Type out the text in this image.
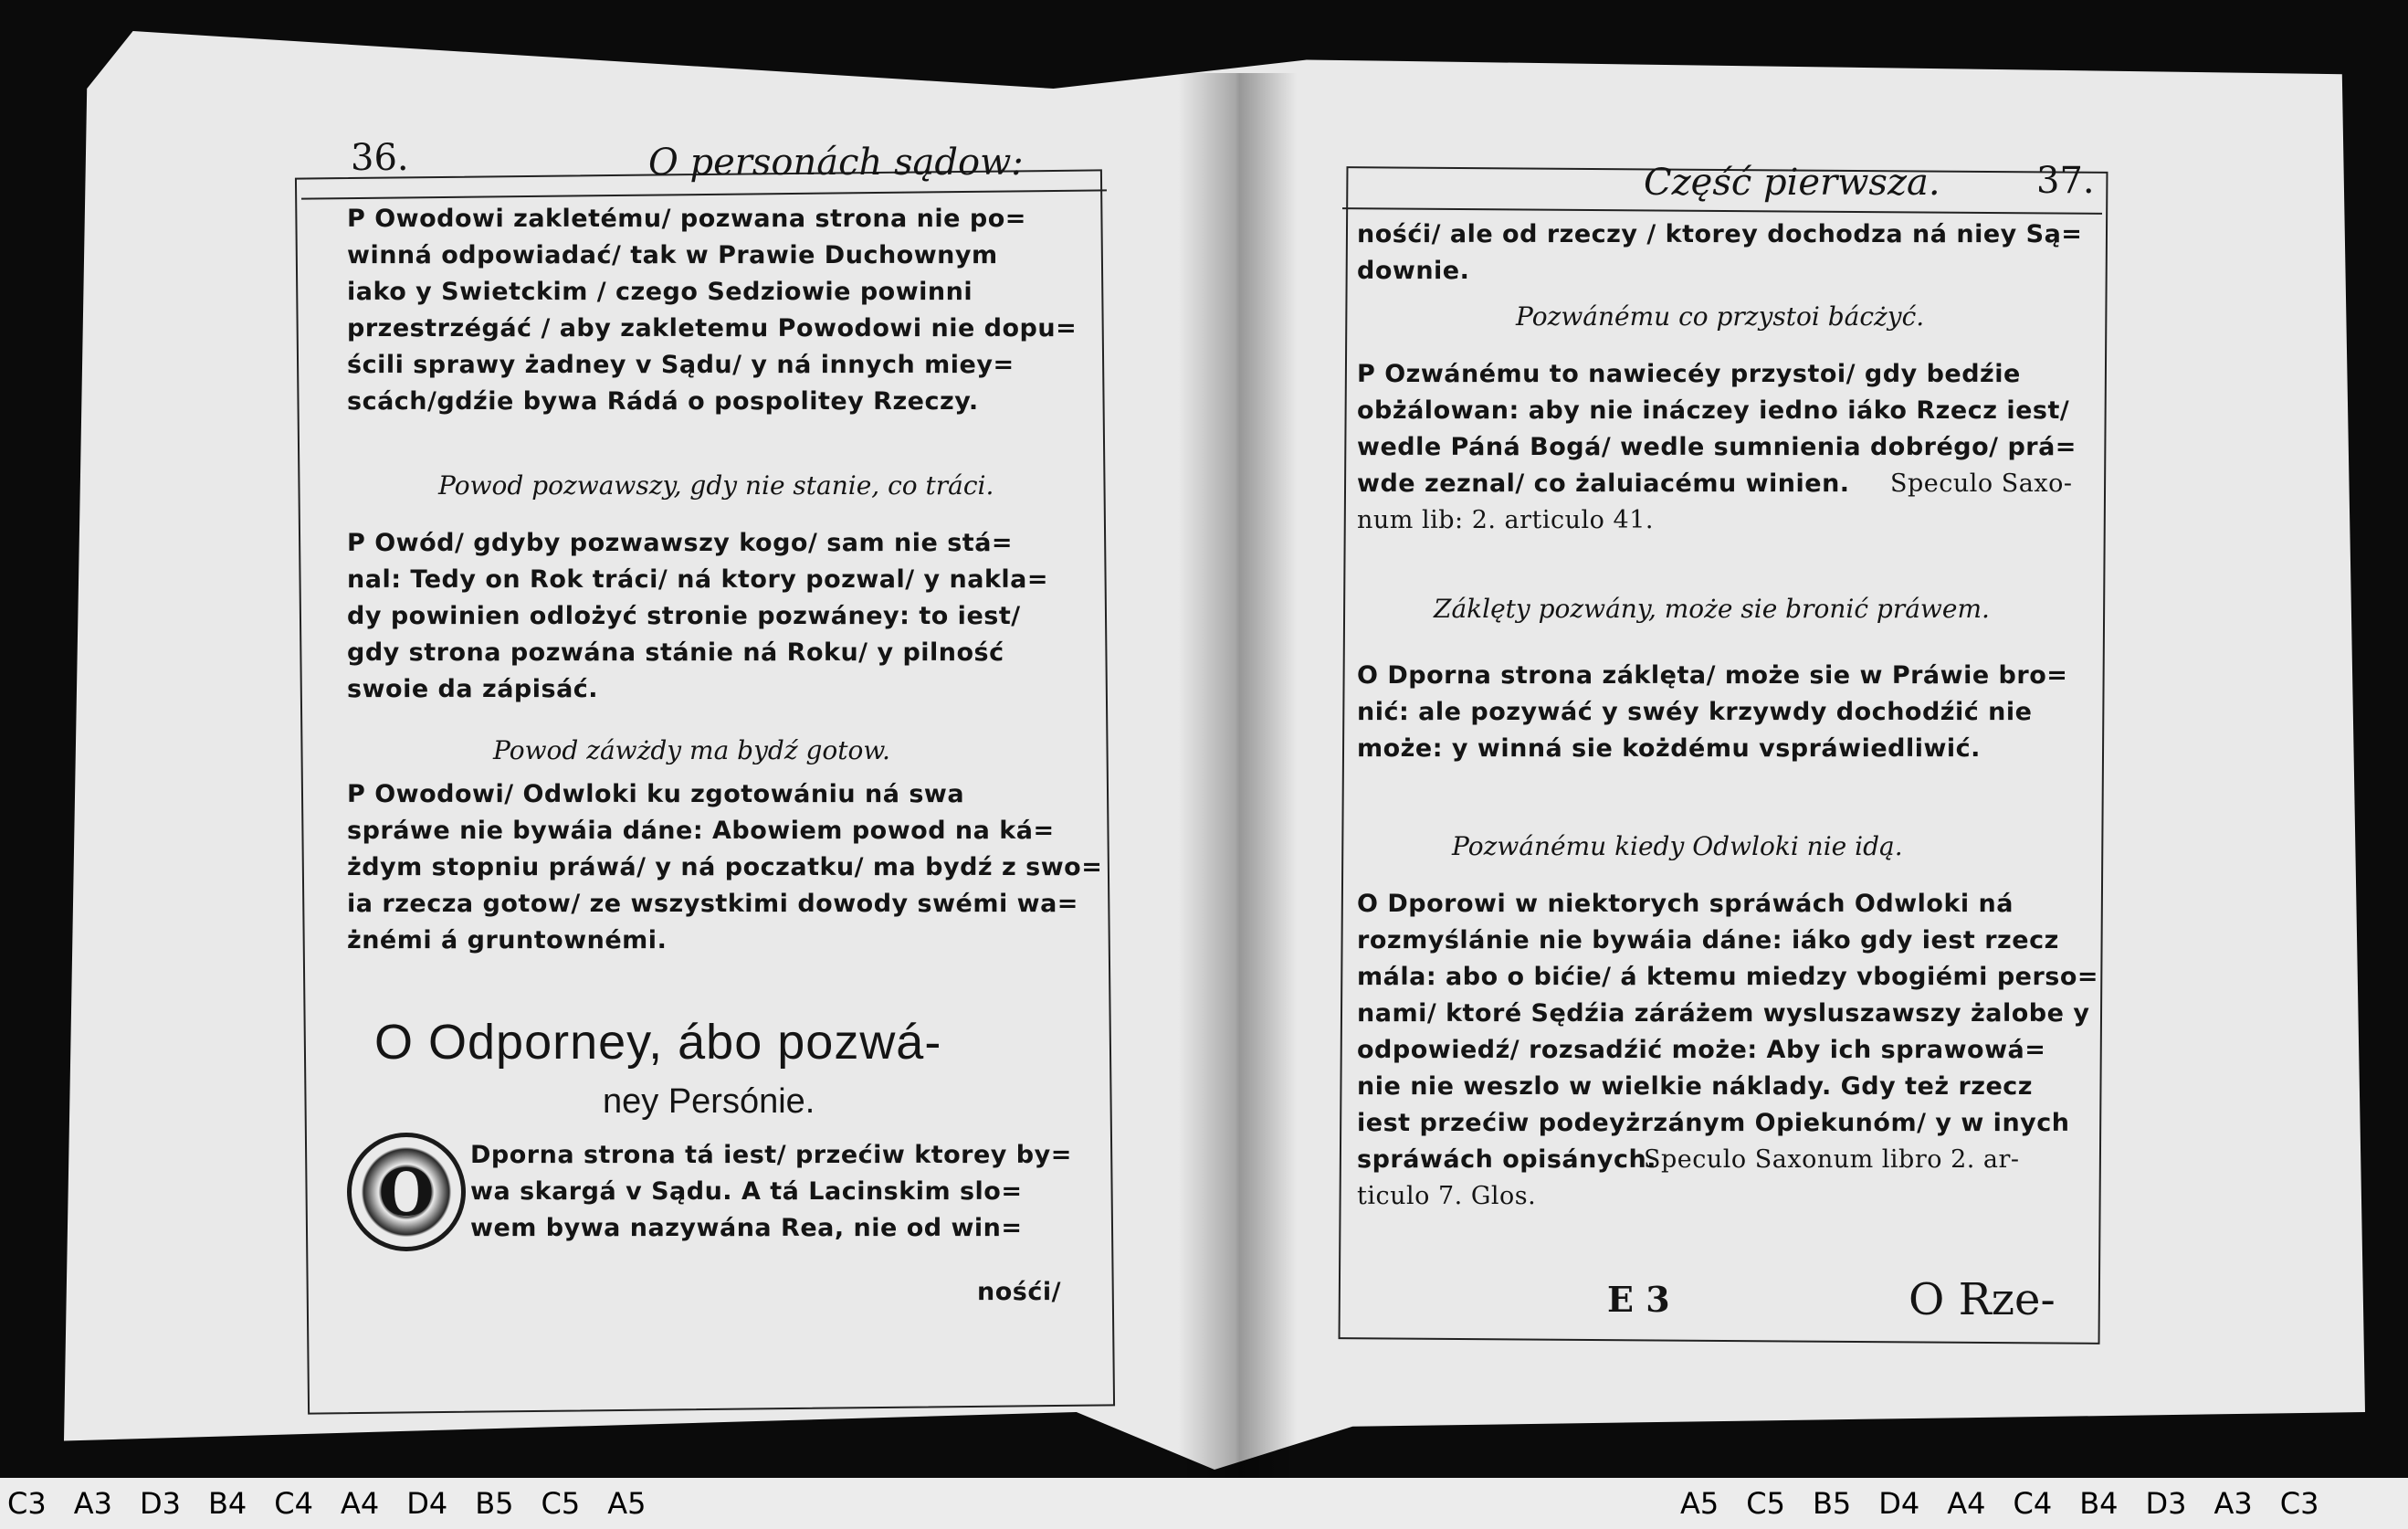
36.	O personách sądow:
P Owodowi zakletému/ pozwana strona nie po=
winná odpowiadać/ tak w Prawie Duchownym
iako y Swietckim / czego Sedziowie powinni
przestrzégáć / aby zakletemu Powodowi nie dopu=
ścili sprawy żadney v Sądu/ y ná innych miey=
scách/gdźie bywa Rádá o pospolitey Rzeczy.
Powod pozwawszy, gdy nie stanie, co tráci.
P Owód/ gdyby pozwawszy kogo/ sam nie stá=
nal: Tedy on Rok tráci/ ná ktory pozwal/ y nakla=
dy powinien odlożyć stronie pozwáney: to iest/
gdy strona pozwána stánie ná Roku/ y pilność
swoie da zápisáć.
Powod záwżdy ma bydź gotow.
P Owodowi/ Odwloki ku zgotowániu ná swa
spráwe nie bywáia dáne: Abowiem powod na ká=
żdym stopniu práwá/ y ná poczatku/ ma bydź z swo=
ia rzecza gotow/ ze wszystkimi dowody swémi wa=
żnémi á gruntownémi.
O Odporney, ábo pozwá-
ney Persónie.
O	Dporna strona tá iest/ przećiw ktorey by=
wa skargá v Sądu. A tá Lacinskim slo=
wem bywa nazywána Rea, nie od win=
nośći/
Część pierwsza.	37.
nośći/ ale od rzeczy / ktorey dochodza ná niey Są=
downie.
Pozwánému co przystoi bácżyć.
P Ozwánému to nawiecéy przystoi/ gdy bedźie
obżálowan: aby nie ináczey iedno iáko Rzecz iest/
wedle Páná Bogá/ wedle sumnienia dobrégo/ prá=
wde zeznal/ co żaluiacému winien.	Speculo Saxo-
num lib: 2. articulo 41.
Záklęty pozwány, może sie bronić práwem.
O Dporna strona záklęta/ może sie w Práwie bro=
nić: ale pozywáć y swéy krzywdy dochodźić nie
może: y winná sie kożdému vspráwiedliwić.
Pozwánému kiedy Odwloki nie idą.
O Dporowi w niektorych spráwách Odwloki ná
rozmyślánie nie bywáia dáne: iáko gdy iest rzecz
mála: abo o bićie/ á ktemu miedzy vbogiémi perso=
nami/ ktoré Sędźia záráżem wysluszawszy żalobe y
odpowiedź/ rozsadźić może: Aby ich sprawowá=
nie nie weszlo w wielkie náklady. Gdy też rzecz
iest przećiw podeyżrzánym Opiekunóm/ y w inych
spráwách opisánych.
Speculo Saxonum libro 2. ar-
ticulo 7. Glos.
E 3	O Rze-
C3 A3 D3 B4 C4 A4 D4 B5 C5 A5	A5 C5 B5 D4 A4 C4 B4 D3 A3 C3
